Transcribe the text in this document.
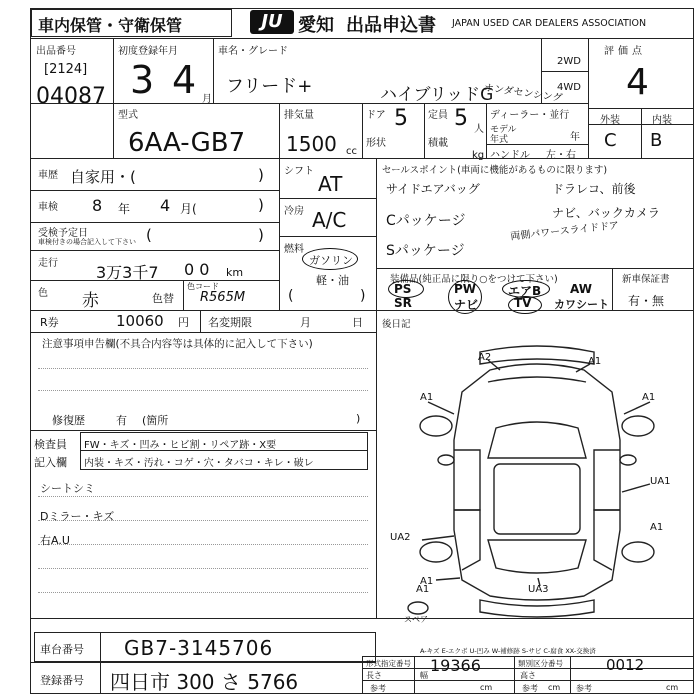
車内保管・守衛保管	JU 愛知 出品申込書 JAPAN USED CAR DEALERS ASSOCIATION
出品番号
[2124]
04087
初度登録年月
3 4 月
車名・グレード
フリード+	ハイブリッドG
ホンダセンシング
2WD
4WD
評価点
4
型式
6AA-GB7
排気量
1500 cc
ドア 5
形状
定員 5 人
積載
kg
ディーラー・並行
モデル
年式	年
ハンドル 左・右
外装	内装
C B
車歴 自家用・(	)
車検 8 年 4 月(	)
受検予定日
車検付きの場合記入して下さい (	)
走行 3万3千7 0 0 km
色 赤	色替
色コード
R565M
シフト
AT
冷房 A/C
燃料
ガソリン
軽・油
(	)
セールスポイント(車両に機能があるものに限ります)
サイドエアバッグ	ドラレコ、前後
Cパッケージ	ナビ、バックカメラ
両側パワースライドドア
Sパッケージ
装備品(純正品に限り○をつけて下さい)
PS	PW	エアB AW
SR	ナビ	TV カワシート
新車保証書
有・無
R券	10060 円 名変期限	月	日 後日記
注意事項申告欄(不具合内容等は具体的に記入して下さい)
修復歴	有 (箇所	)
検査員
記入欄
FW・キズ・凹み・ヒビ割・リペア跡・X要
内装・キズ・汚れ・コゲ・穴・タバコ・キレ・破レ
シートシミ
Dミラー・キズ
右A.U
A2	A1
A1	A1
UA1
A1
UA2
A1
UA3
A1
スペア
車台番号 GB7-3145706
登録番号 四日市 300 さ 5766
A-キズ E-エクボ U-凹み W-補修跡 S-サビ C-腐食 XX-交換済
形式指定番号 19366	類別区分番号	0012
長さ	幅	高さ
参考	cm	参考 cm 参考	cm
